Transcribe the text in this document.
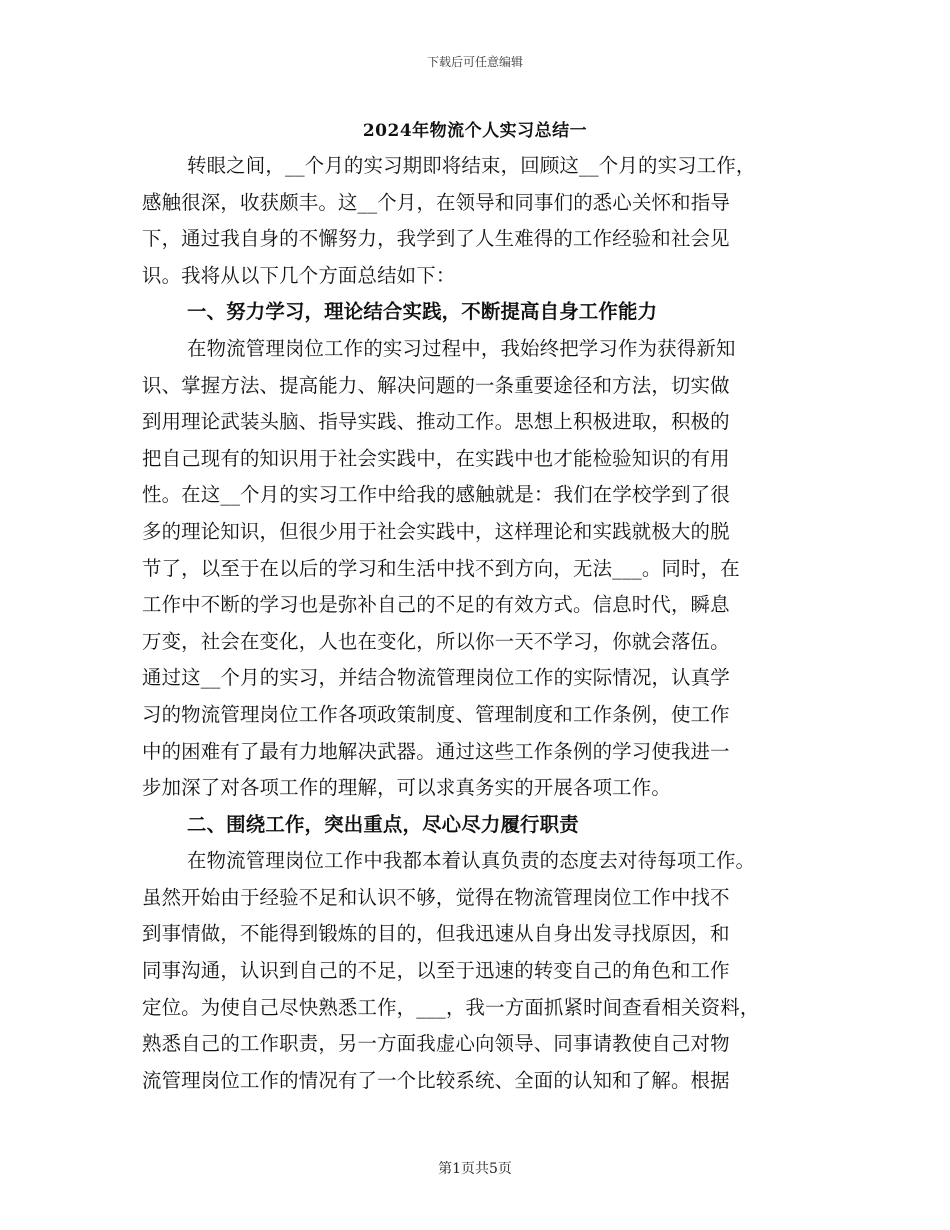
下载后可任意编辑
2024年物流个人实习总结一
转眼之间，__个月的实习期即将结束，回顾这__个月的实习工作，
感触很深，收获颇丰。这__个月，在领导和同事们的悉心关怀和指导
下，通过我自身的不懈努力，我学到了人生难得的工作经验和社会见
识。我将从以下几个方面总结如下：
一、努力学习，理论结合实践，不断提高自身工作能力
在物流管理岗位工作的实习过程中，我始终把学习作为获得新知
识、掌握方法、提高能力、解决问题的一条重要途径和方法，切实做
到用理论武装头脑、指导实践、推动工作。思想上积极进取，积极的
把自己现有的知识用于社会实践中，在实践中也才能检验知识的有用
性。在这__个月的实习工作中给我的感触就是：我们在学校学到了很
多的理论知识，但很少用于社会实践中，这样理论和实践就极大的脱
节了，以至于在以后的学习和生活中找不到方向，无法___。同时，在
工作中不断的学习也是弥补自己的不足的有效方式。信息时代，瞬息
万变，社会在变化，人也在变化，所以你一天不学习，你就会落伍。
通过这__个月的实习，并结合物流管理岗位工作的实际情况，认真学
习的物流管理岗位工作各项政策制度、管理制度和工作条例，使工作
中的困难有了最有力地解决武器。通过这些工作条例的学习使我进一
步加深了对各项工作的理解，可以求真务实的开展各项工作。
二、围绕工作，突出重点，尽心尽力履行职责
在物流管理岗位工作中我都本着认真负责的态度去对待每项工作。
虽然开始由于经验不足和认识不够，觉得在物流管理岗位工作中找不
到事情做，不能得到锻炼的目的，但我迅速从自身出发寻找原因，和
同事沟通，认识到自己的不足，以至于迅速的转变自己的角色和工作
定位。为使自己尽快熟悉工作，___，我一方面抓紧时间查看相关资料，
熟悉自己的工作职责，另一方面我虚心向领导、同事请教使自己对物
流管理岗位工作的情况有了一个比较系统、全面的认知和了解。根据
第1页共5页
